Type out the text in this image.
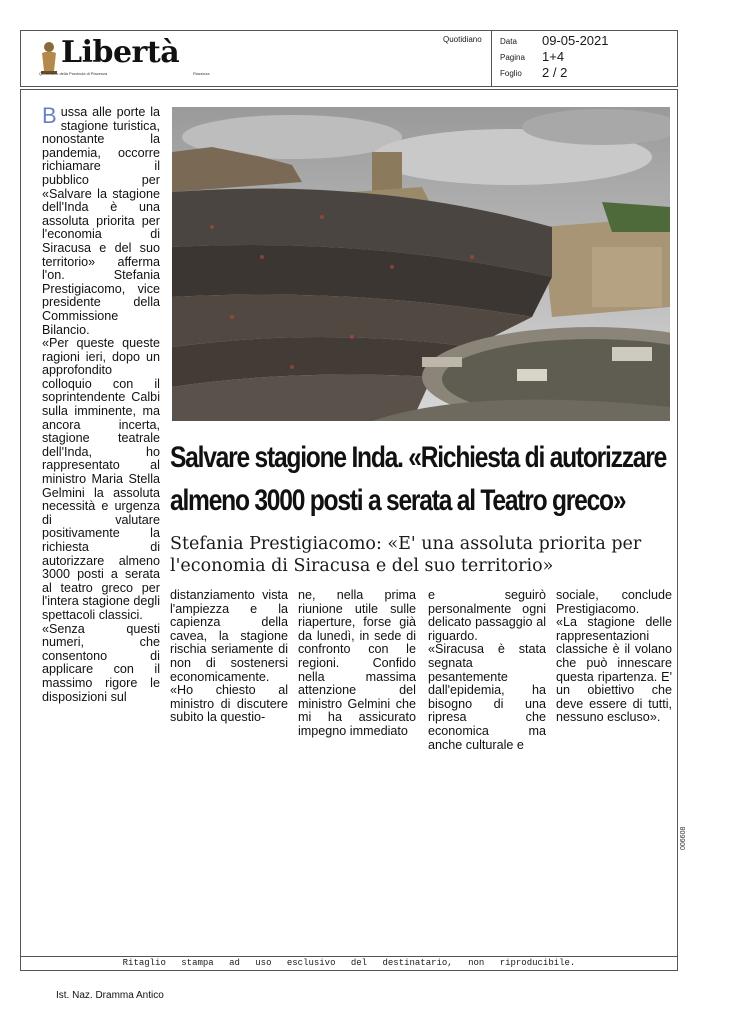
Libertà
Quotidiano della Provincia di Piacenza	Piacenza
Quotidiano Data 09-05-2021
Pagina 1+4
Foglio 2 / 2
Salvare stagione Inda. «Richiesta di autorizzare
almeno 3000 posti a serata al Teatro greco»
Stefania Prestigiacomo: «E' una assoluta priorita per l'economia di Siracusa e del suo territorio»

Bussa alle porte la stagione turistica, nonostante la pandemia, occorre richiamare il pubblico per «Salvare la stagione dell'Inda è una assoluta priorita per l'economia di Siracusa e del suo territorio» afferma l'on. Stefania Prestigiacomo, vice presidente della Commissione Bilancio.

«Per queste queste ragioni ieri, dopo un approfondito colloquio con il soprintendente Calbi sulla imminente, ma ancora incerta, stagione teatrale dell'Inda, ho rappresentato al ministro Maria Stella Gelmini la assoluta necessità e urgenza di valutare positivamente la richiesta di autorizzare almeno 3000 posti a serata al teatro greco per l'intera stagione degli spettacoli classici.

«Senza questi numeri, che consentono di applicare con il massimo rigore le disposizioni sul

distanziamento vista l'ampiezza e la capienza della cavea, la stagione rischia seriamente di non di sostenersi economicamente.

«Ho chiesto al ministro di discutere subito la questio-

ne, nella prima riunione utile sulle riaperture, forse già da lunedì, in sede di confronto con le regioni. Confido nella massima attenzione del ministro Gelmini che mi ha assicurato impegno immediato

e seguirò personalmente ogni delicato passaggio al riguardo.

«Siracusa è stata segnata pesantemente dall'epidemia, ha bisogno di una ripresa che economica ma anche culturale e

sociale, conclude Prestigiacomo.

«La stagione delle rappresentazioni classiche è il volano che può innescare questa ripartenza. E' un obiettivo che deve essere di tutti, nessuno escluso».

006608
Ritaglio stampa ad uso esclusivo del destinatario, non riproducibile.
Ist. Naz. Dramma Antico
